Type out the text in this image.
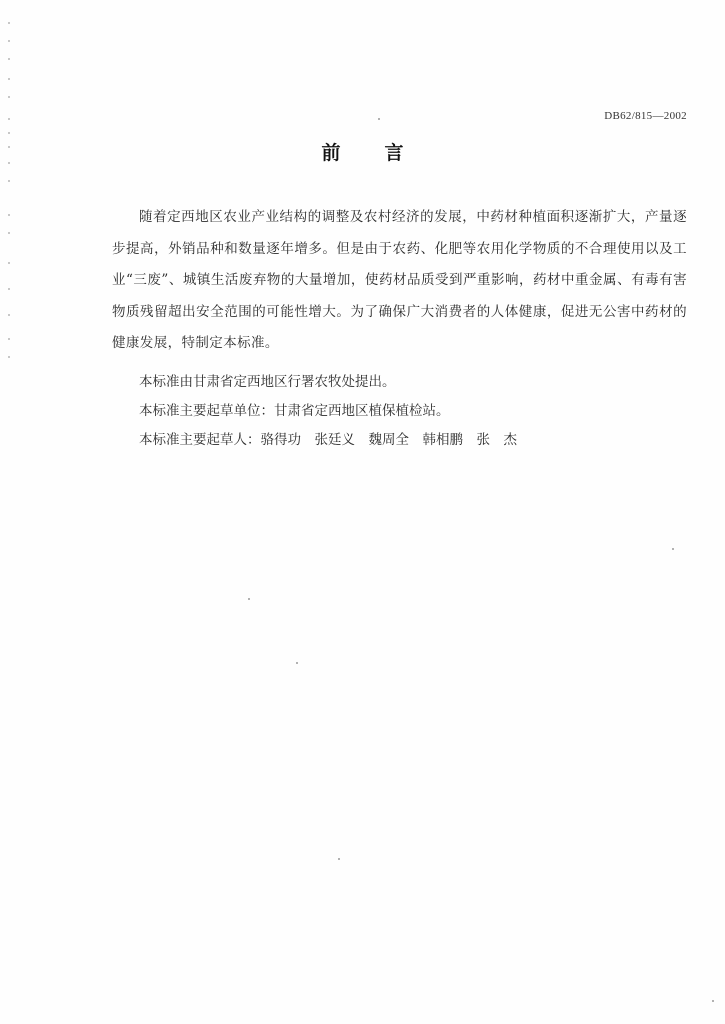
DB62/815—2002
前言

随着定西地区农业产业结构的调整及农村经济的发展，中药材种植面积逐渐扩大，产量逐步提高，外销品种和数量逐年增多。但是由于农药、化肥等农用化学物质的不合理使用以及工业“三废”、城镇生活废弃物的大量增加，使药材品质受到严重影响，药材中重金属、有毒有害物质残留超出安全范围的可能性增大。为了确保广大消费者的人体健康，促进无公害中药材的健康发展，特制定本标准。

本标准由甘肃省定西地区行署农牧处提出。

本标准主要起草单位：甘肃省定西地区植保植检站。

本标准主要起草人：骆得功　张廷义　魏周全　韩相鹏　张　杰
